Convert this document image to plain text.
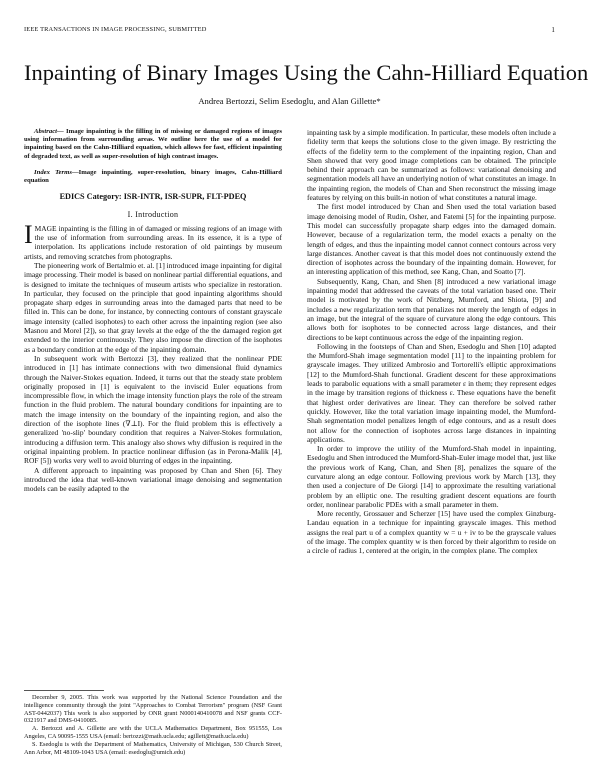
IEEE TRANSACTIONS IN IMAGE PROCESSING, SUBMITTED	1
Inpainting of Binary Images Using the Cahn-Hilliard Equation
Andrea Bertozzi, Selim Esedoglu, and Alan Gillette*

Abstract— Image inpainting is the filling in of missing or damaged regions of images using information from surrounding areas. We outline here the use of a model for inpainting based on the Cahn-Hilliard equation, which allows for fast, efficient inpainting of degraded text, as well as super-resolution of high contrast images.

Index Terms—Image inpainting, super-resolution, binary images, Cahn-Hilliard equation

EDICS Category: ISR-INTR, ISR-SUPR, FLT-PDEQ
I. Introduction

IMAGE inpainting is the filling in of damaged or missing regions of an image with the use of information from surrounding areas. In its essence, it is a type of interpolation. Its applications include restoration of old paintings by museum artists, and removing scratches from photographs.

The pioneering work of Bertalmio et. al. [1] introduced image inpainting for digital image processing. Their model is based on nonlinear partial differential equations, and is designed to imitate the techniques of museum artists who specialize in restoration. In particular, they focused on the principle that good inpainting algorithms should propagate sharp edges in surrounding areas into the damaged parts that need to be filled in. This can be done, for instance, by connecting contours of constant grayscale image intensity (called isophotes) to each other across the inpainting region (see also Masnou and Morel [2]), so that gray levels at the edge of the the damaged region get extended to the interior continuously. They also impose the direction of the isophotes as a boundary condition at the edge of the inpainting domain.

In subsequent work with Bertozzi [3], they realized that the nonlinear PDE introduced in [1] has intimate connections with two dimensional fluid dynamics through the Naiver-Stokes equation. Indeed, it turns out that the steady state problem originally proposed in [1] is equivalent to the inviscid Euler equations from incompressible flow, in which the image intensity function plays the role of the stream function in the fluid problem. The natural boundary conditions for inpainting are to match the image intensity on the boundary of the inpainting region, and also the direction of the isophote lines (∇⊥I). For the fluid problem this is effectively a generalized 'no-slip' boundary condition that requires a Naiver-Stokes formulation, introducing a diffusion term. This analogy also shows why diffusion is required in the original inpainting problem. In practice nonlinear diffusion (as in Perona-Malik [4], ROF [5]) works very well to avoid blurring of edges in the inpainting.

A different approach to inpainting was proposed by Chan and Shen [6]. They introduced the idea that well-known variational image denoising and segmentation models can be easily adapted to the

December 9, 2005. This work was supported by the National Science Foundation and the intelligence community through the joint "Approaches to Combat Terrorism" program (NSF Grant AST-0442037) This work is also supported by ONR grant N000140410078 and NSF grants CCF-0321917 and DMS-0410085.

A. Bertozzi and A. Gillette are with the UCLA Mathematics Department, Box 951555, Los Angeles, CA 90095-1555 USA (email: bertozzi@math.ucla.edu; agillett@math.ucla.edu)

S. Esedoglu is with the Department of Mathematics, University of Michigan, 530 Church Street, Ann Arbor, MI 48109-1043 USA (email: esedoglu@umich.edu)

inpainting task by a simple modification. In particular, these models often include a fidelity term that keeps the solutions close to the given image. By restricting the effects of the fidelity term to the complement of the inpainting region, Chan and Shen showed that very good image completions can be obtained. The principle behind their approach can be summarized as follows: variational denoising and segmentation models all have an underlying notion of what constitutes an image. In the inpainting region, the models of Chan and Shen reconstruct the missing image features by relying on this built-in notion of what constitutes a natural image.

The first model introduced by Chan and Shen used the total variation based image denoising model of Rudin, Osher, and Fatemi [5] for the inpainting purpose. This model can successfully propagate sharp edges into the damaged domain. However, because of a regularization term, the model exacts a penalty on the length of edges, and thus the inpainting model cannot connect contours across very large distances. Another caveat is that this model does not continuously extend the direction of isophotes across the boundary of the inpainting domain. However, for an interesting application of this method, see Kang, Chan, and Soatto [7].

Subsequently, Kang, Chan, and Shen [8] introduced a new variational image inpainting model that addressed the caveats of the total variation based one. Their model is motivated by the work of Nitzberg, Mumford, and Shiota, [9] and includes a new regularization term that penalizes not merely the length of edges in an image, but the integral of the square of curvature along the edge contours. This allows both for isophotes to be connected across large distances, and their directions to be kept continuous across the edge of the inpainting region.

Following in the footsteps of Chan and Shen, Esedoglu and Shen [10] adapted the Mumford-Shah image segmentation model [11] to the inpainting problem for grayscale images. They utilized Ambrosio and Tortorelli's elliptic approximations [12] to the Mumford-Shah functional. Gradient descent for these approximations leads to parabolic equations with a small parameter ε in them; they represent edges in the image by transition regions of thickness ε. These equations have the benefit that highest order derivatives are linear. They can therefore be solved rather quickly. However, like the total variation image inpainting model, the Mumford-Shah segmentation model penalizes length of edge contours, and as a result does not allow for the connection of isophotes across large distances in inpainting applications.

In order to improve the utility of the Mumford-Shah model in inpainting, Esedoglu and Shen introduced the Mumford-Shah-Euler image model that, just like the previous work of Kang, Chan, and Shen [8], penalizes the square of the curvature along an edge contour. Following previous work by March [13], they then used a conjecture of De Giorgi [14] to approximate the resulting variational problem by an elliptic one. The resulting gradient descent equations are fourth order, nonlinear parabolic PDEs with a small parameter in them.

More recently, Grossauer and Scherzer [15] have used the complex Ginzburg-Landau equation in a technique for inpainting grayscale images. This method assigns the real part u of a complex quantity w = u + iv to be the grayscale values of the image. The complex quantity w is then forced by their algorithm to reside on a circle of radius 1, centered at the origin, in the complex plane. The complex
